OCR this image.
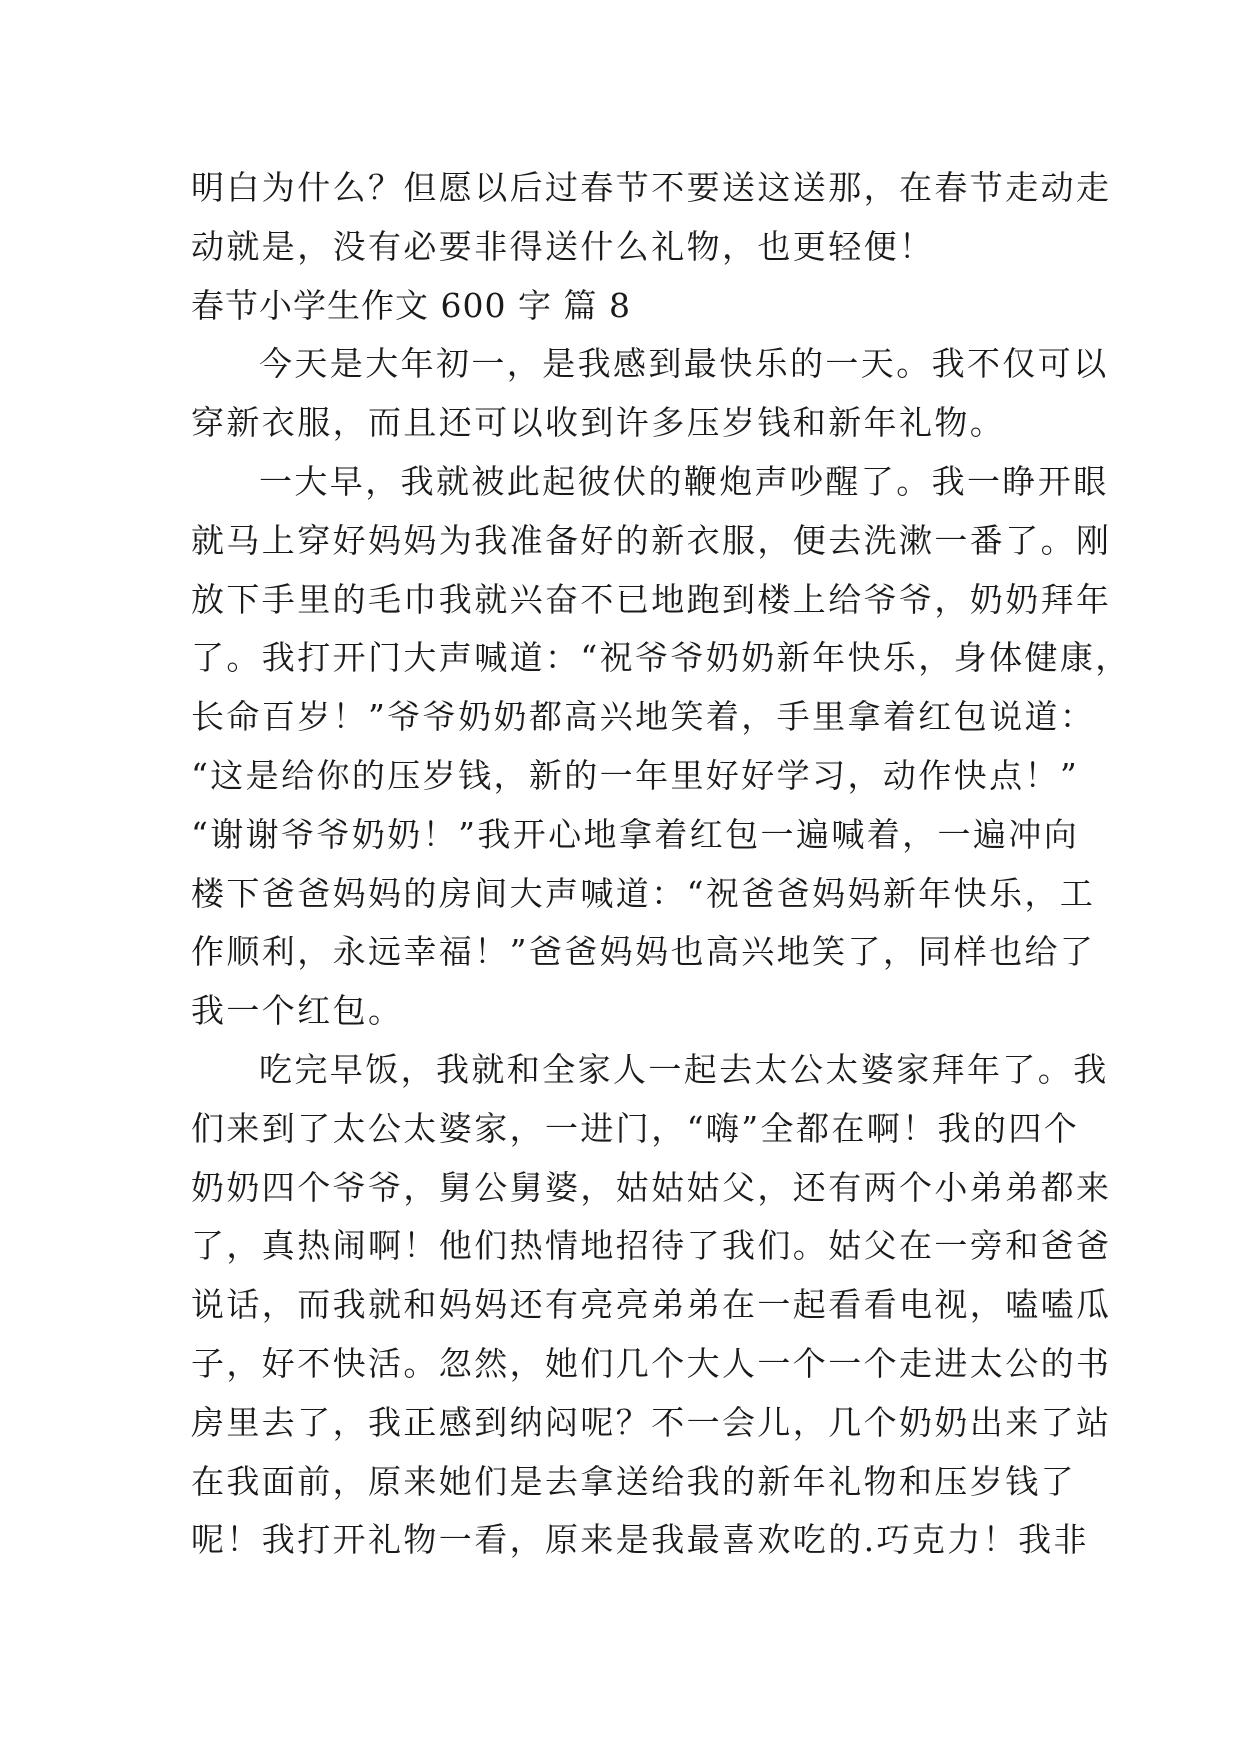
明白为什么？但愿以后过春节不要送这送那，在春节走动走
动就是，没有必要非得送什么礼物，也更轻便！
春节小学生作文 600 字 篇 8
今天是大年初一，是我感到最快乐的一天。我不仅可以
穿新衣服，而且还可以收到许多压岁钱和新年礼物。
一大早，我就被此起彼伏的鞭炮声吵醒了。我一睁开眼
就马上穿好妈妈为我准备好的新衣服，便去洗漱一番了。刚
放下手里的毛巾我就兴奋不已地跑到楼上给爷爷，奶奶拜年
了。我打开门大声喊道：“祝爷爷奶奶新年快乐，身体健康，
长命百岁！”爷爷奶奶都高兴地笑着，手里拿着红包说道：
“这是给你的压岁钱，新的一年里好好学习，动作快点！”
“谢谢爷爷奶奶！”我开心地拿着红包一遍喊着，一遍冲向
楼下爸爸妈妈的房间大声喊道：“祝爸爸妈妈新年快乐，工
作顺利，永远幸福！”爸爸妈妈也高兴地笑了，同样也给了
我一个红包。
吃完早饭，我就和全家人一起去太公太婆家拜年了。我
们来到了太公太婆家，一进门，“嗨”全都在啊！我的四个
奶奶四个爷爷，舅公舅婆，姑姑姑父，还有两个小弟弟都来
了，真热闹啊！他们热情地招待了我们。姑父在一旁和爸爸
说话，而我就和妈妈还有亮亮弟弟在一起看看电视，嗑嗑瓜
子，好不快活。忽然，她们几个大人一个一个走进太公的书
房里去了，我正感到纳闷呢？不一会儿，几个奶奶出来了站
在我面前，原来她们是去拿送给我的新年礼物和压岁钱了
呢！我打开礼物一看，原来是我最喜欢吃的.巧克力！我非
